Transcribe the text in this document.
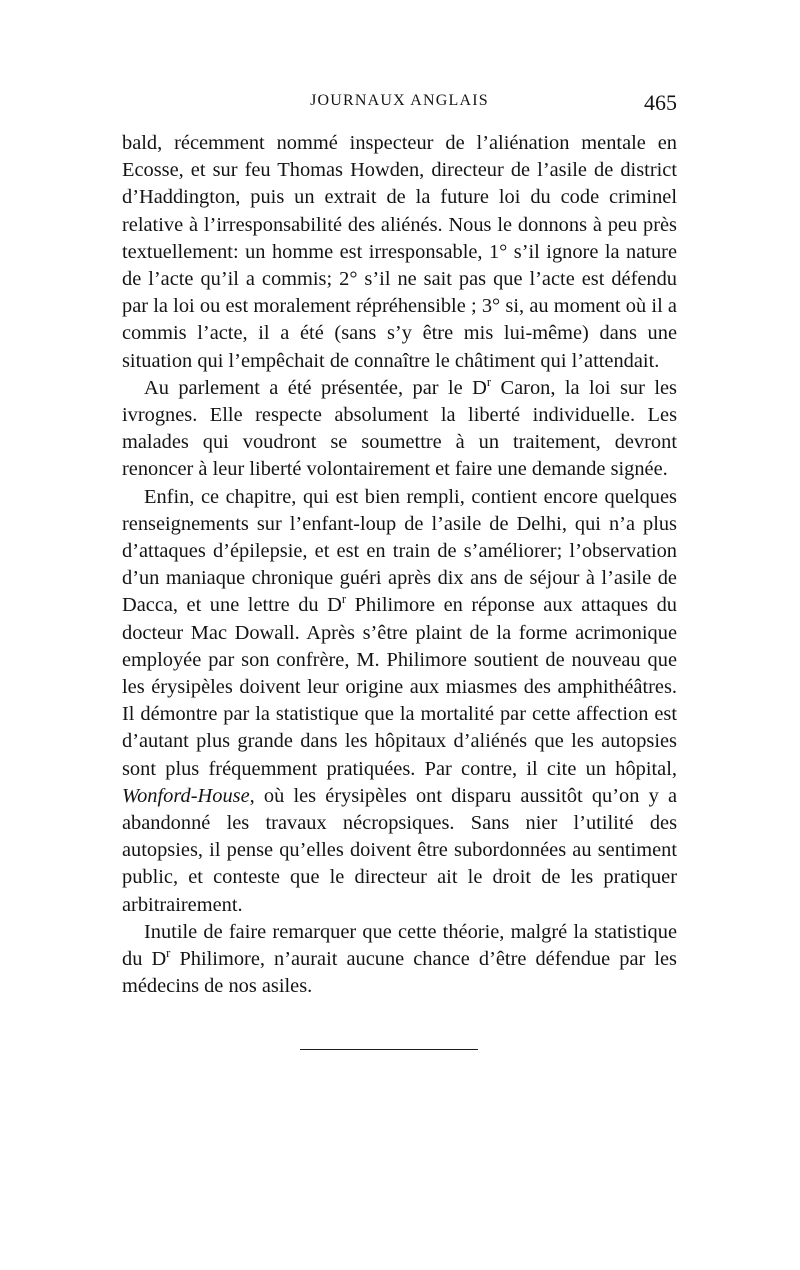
JOURNAUX ANGLAIS	465

bald, récemment nommé inspecteur de l’aliénation mentale en Ecosse, et sur feu Thomas Howden, directeur de l’asile de district d’Haddington, puis un extrait de la future loi du code criminel relative à l’irresponsabilité des aliénés. Nous le donnons à peu près textuellement: un homme est irresponsable, 1° s’il ignore la nature de l’acte qu’il a commis; 2° s’il ne sait pas que l’acte est défendu par la loi ou est moralement répréhensible ; 3° si, au moment où il a commis l’acte, il a été (sans s’y être mis lui-même) dans une situation qui l’empêchait de connaître le châtiment qui l’attendait.

Au parlement a été présentée, par le $D^r$ Caron, la loi sur les ivrognes. Elle respecte absolument la liberté individuelle. Les malades qui voudront se soumettre à un traitement, devront renoncer à leur liberté volontairement et faire une demande signée.

Enfin, ce chapitre, qui est bien rempli, contient encore quelques renseignements sur l’enfant-loup de l’asile de Delhi, qui n’a plus d’attaques d’épilepsie, et est en train de s’améliorer; l’observation d’un maniaque chronique guéri après dix ans de séjour à l’asile de Dacca, et une lettre du $D^r$ Philimore en réponse aux attaques du docteur Mac Dowall. Après s’être plaint de la forme acrimonique employée par son confrère, M. Philimore soutient de nouveau que les érysipèles doivent leur origine aux miasmes des amphithéâtres. Il démontre par la statistique que la mortalité par cette affection est d’autant plus grande dans les hôpitaux d’aliénés que les autopsies sont plus fréquemment pratiquées. Par contre, il cite un hôpital, Wonford-House, où les érysipèles ont disparu aussitôt qu’on y a abandonné les travaux nécropsiques. Sans nier l’utilité des autopsies, il pense qu’elles doivent être subordonnées au sentiment public, et conteste que le directeur ait le droit de les pratiquer arbitrairement.

Inutile de faire remarquer que cette théorie, malgré la statistique du $D^r$ Philimore, n’aurait aucune chance d’être défendue par les médecins de nos asiles.
